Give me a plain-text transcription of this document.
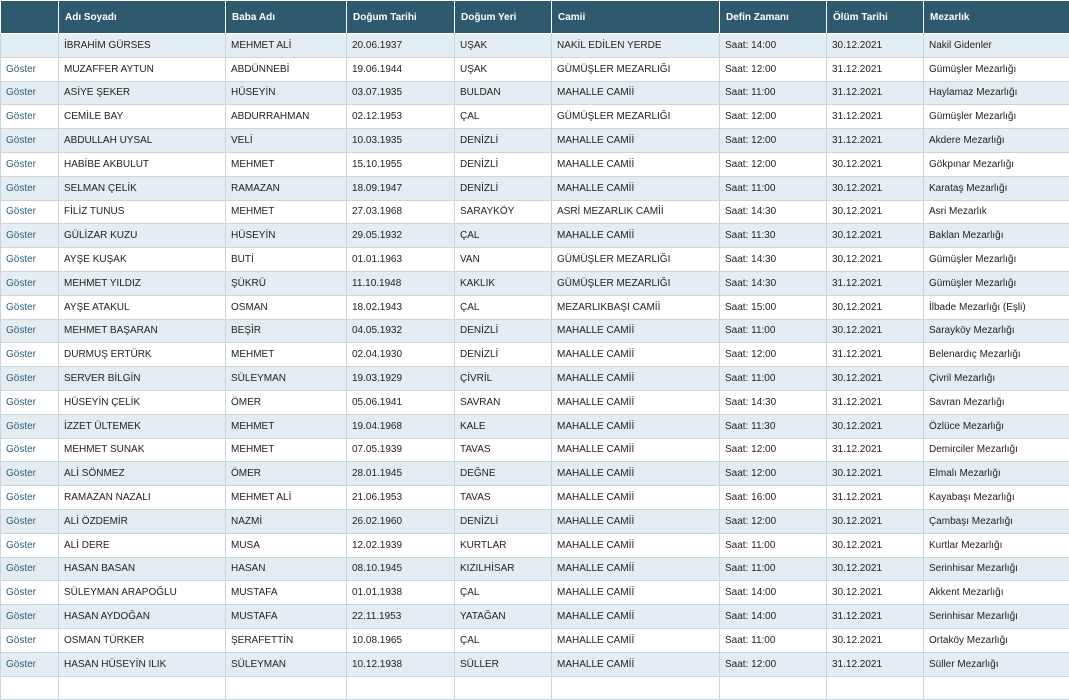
	Adı Soyadı	Baba Adı	Doğum Tarihi	Doğum Yeri	Camii	Defin Zamanı	Ölüm Tarihi	Mezarlık
	İBRAHİM GÜRSES	MEHMET ALİ	20.06.1937	UŞAK	NAKİL EDİLEN YERDE	Saat: 14:00	30.12.2021	Nakil Gidenler
Göster	MUZAFFER AYTUN	ABDÜNNEBİ	19.06.1944	UŞAK	GÜMÜŞLER MEZARLIĞI	Saat: 12:00	31.12.2021	Gümüşler Mezarlığı
Göster	ASİYE ŞEKER	HÜSEYİN	03.07.1935	BULDAN	MAHALLE CAMİİ	Saat: 11:00	31.12.2021	Haylamaz Mezarlığı
Göster	CEMİLE BAY	ABDURRAHMAN	02.12.1953	ÇAL	GÜMÜŞLER MEZARLIĞI	Saat: 12:00	31.12.2021	Gümüşler Mezarlığı
Göster	ABDULLAH UYSAL	VELİ	10.03.1935	DENİZLİ	MAHALLE CAMİİ	Saat: 12:00	31.12.2021	Akdere Mezarlığı
Göster	HABİBE AKBULUT	MEHMET	15.10.1955	DENİZLİ	MAHALLE CAMİİ	Saat: 12:00	30.12.2021	Gökpınar Mezarlığı
Göster	SELMAN ÇELİK	RAMAZAN	18.09.1947	DENİZLİ	MAHALLE CAMİİ	Saat: 11:00	30.12.2021	Karataş Mezarlığı
Göster	FİLİZ TUNUS	MEHMET	27.03.1968	SARAYKÖY	ASRİ MEZARLIK CAMİİ	Saat: 14:30	30.12.2021	Asri Mezarlık
Göster	GÜLİZAR KUZU	HÜSEYİN	29.05.1932	ÇAL	MAHALLE CAMİİ	Saat: 11:30	30.12.2021	Baklan Mezarlığı
Göster	AYŞE KUŞAK	BUTİ	01.01.1963	VAN	GÜMÜŞLER MEZARLIĞI	Saat: 14:30	30.12.2021	Gümüşler Mezarlığı
Göster	MEHMET YILDIZ	ŞÜKRÜ	11.10.1948	KAKLIK	GÜMÜŞLER MEZARLIĞI	Saat: 14:30	31.12.2021	Gümüşler Mezarlığı
Göster	AYŞE ATAKUL	OSMAN	18.02.1943	ÇAL	MEZARLIKBAŞI CAMİİ	Saat: 15:00	30.12.2021	İlbade Mezarlığı (Eşli)
Göster	MEHMET BAŞARAN	BEŞİR	04.05.1932	DENİZLİ	MAHALLE CAMİİ	Saat: 11:00	30.12.2021	Sarayköy Mezarlığı
Göster	DURMUŞ ERTÜRK	MEHMET	02.04.1930	DENİZLİ	MAHALLE CAMİİ	Saat: 12:00	31.12.2021	Belenardıç Mezarlığı
Göster	SERVER BİLGİN	SÜLEYMAN	19.03.1929	ÇİVRİL	MAHALLE CAMİİ	Saat: 11:00	30.12.2021	Çivril Mezarlığı
Göster	HÜSEYİN ÇELİK	ÖMER	05.06.1941	SAVRAN	MAHALLE CAMİİ	Saat: 14:30	31.12.2021	Savran Mezarlığı
Göster	İZZET ÜLTEMEK	MEHMET	19.04.1968	KALE	MAHALLE CAMİİ	Saat: 11:30	30.12.2021	Özlüce Mezarlığı
Göster	MEHMET SUNAK	MEHMET	07.05.1939	TAVAS	MAHALLE CAMİİ	Saat: 12:00	31.12.2021	Demirciler Mezarlığı
Göster	ALİ SÖNMEZ	ÖMER	28.01.1945	DEĞNE	MAHALLE CAMİİ	Saat: 12:00	30.12.2021	Elmalı Mezarlığı
Göster	RAMAZAN NAZALI	MEHMET ALİ	21.06.1953	TAVAS	MAHALLE CAMİİ	Saat: 16:00	31.12.2021	Kayabaşı Mezarlığı
Göster	ALİ ÖZDEMİR	NAZMİ	26.02.1960	DENİZLİ	MAHALLE CAMİİ	Saat: 12:00	30.12.2021	Çambaşı Mezarlığı
Göster	ALİ DERE	MUSA	12.02.1939	KURTLAR	MAHALLE CAMİİ	Saat: 11:00	30.12.2021	Kurtlar Mezarlığı
Göster	HASAN BASAN	HASAN	08.10.1945	KIZILHİSAR	MAHALLE CAMİİ	Saat: 11:00	30.12.2021	Serinhisar Mezarlığı
Göster	SÜLEYMAN ARAPOĞLU	MUSTAFA	01.01.1938	ÇAL	MAHALLE CAMİİ	Saat: 14:00	30.12.2021	Akkent Mezarlığı
Göster	HASAN AYDOĞAN	MUSTAFA	22.11.1953	YATAĞAN	MAHALLE CAMİİ	Saat: 14:00	31.12.2021	Serinhisar Mezarlığı
Göster	OSMAN TÜRKER	ŞERAFETTİN	10.08.1965	ÇAL	MAHALLE CAMİİ	Saat: 11:00	30.12.2021	Ortaköy Mezarlığı
Göster	HASAN HÜSEYİN ILIK	SÜLEYMAN	10.12.1938	SÜLLER	MAHALLE CAMİİ	Saat: 12:00	31.12.2021	Süller Mezarlığı
